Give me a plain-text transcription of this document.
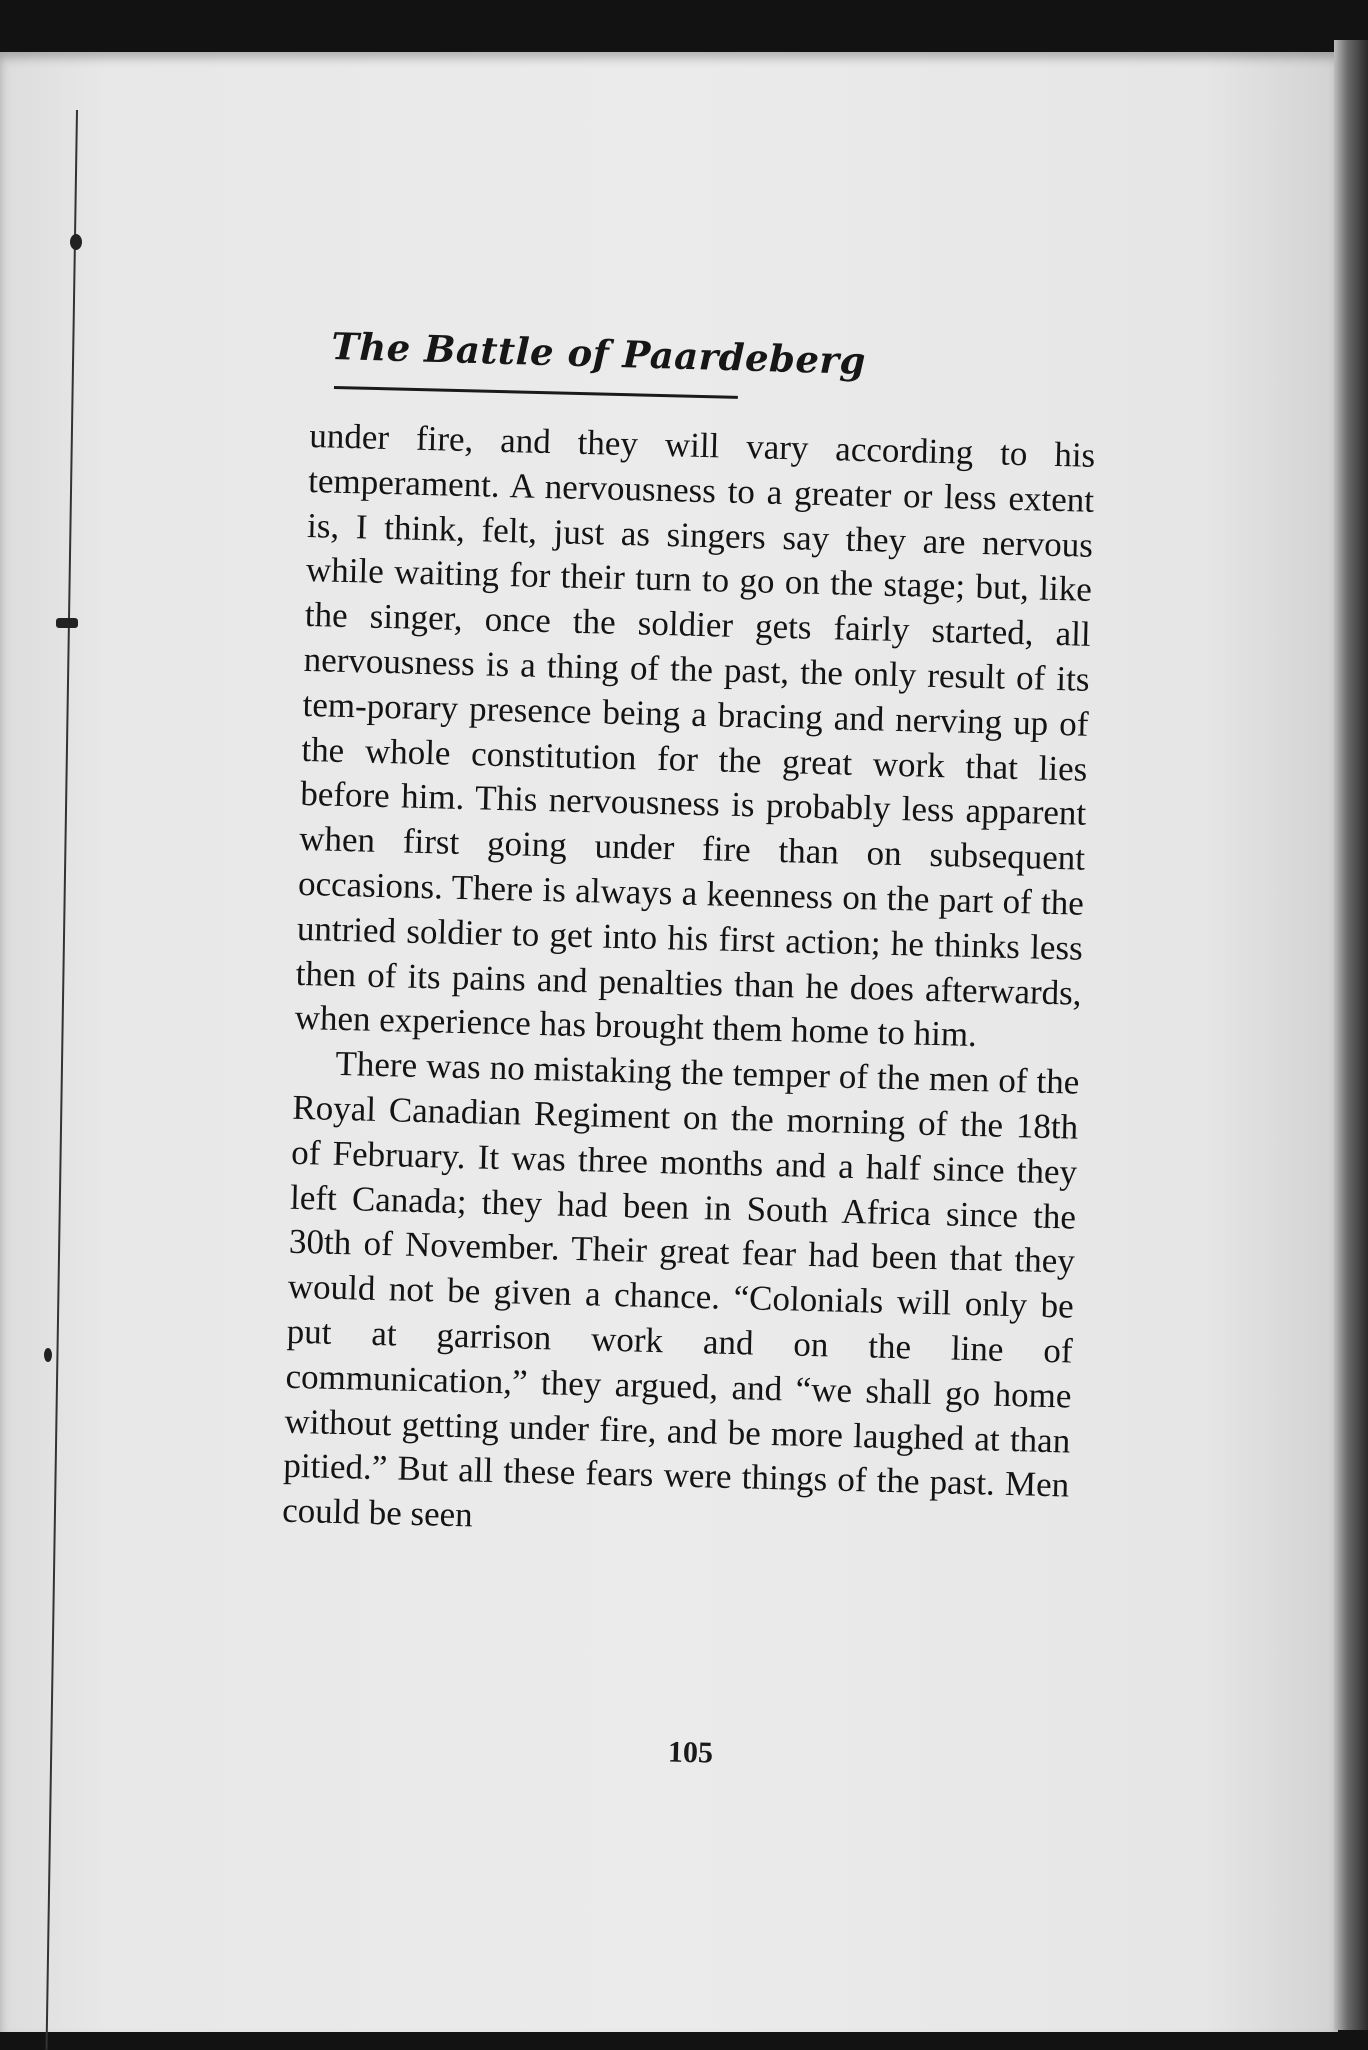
The Battle of Paardeberg

under fire, and they will vary according to his temperament. A nervousness to a greater or less extent is, I think, felt, just as singers say they are nervous while waiting for their turn to go on the stage; but, like the singer, once the soldier gets fairly started, all nervousness is a thing of the past, the only result of its tem-porary presence being a bracing and nerving up of the whole constitution for the great work that lies before him. This nervousness is probably less apparent when first going under fire than on subsequent occasions. There is always a keenness on the part of the untried soldier to get into his first action; he thinks less then of its pains and penalties than he does afterwards, when experience has brought them home to him.

There was no mistaking the temper of the men of the Royal Canadian Regiment on the morning of the 18th of February. It was three months and a half since they left Canada; they had been in South Africa since the 30th of November. Their great fear had been that they would not be given a chance. “Colonials will only be put at garrison work and on the line of communication,” they argued, and “we shall go home without getting under fire, and be more laughed at than pitied.” But all these fears were things of the past. Men could be seen

105
